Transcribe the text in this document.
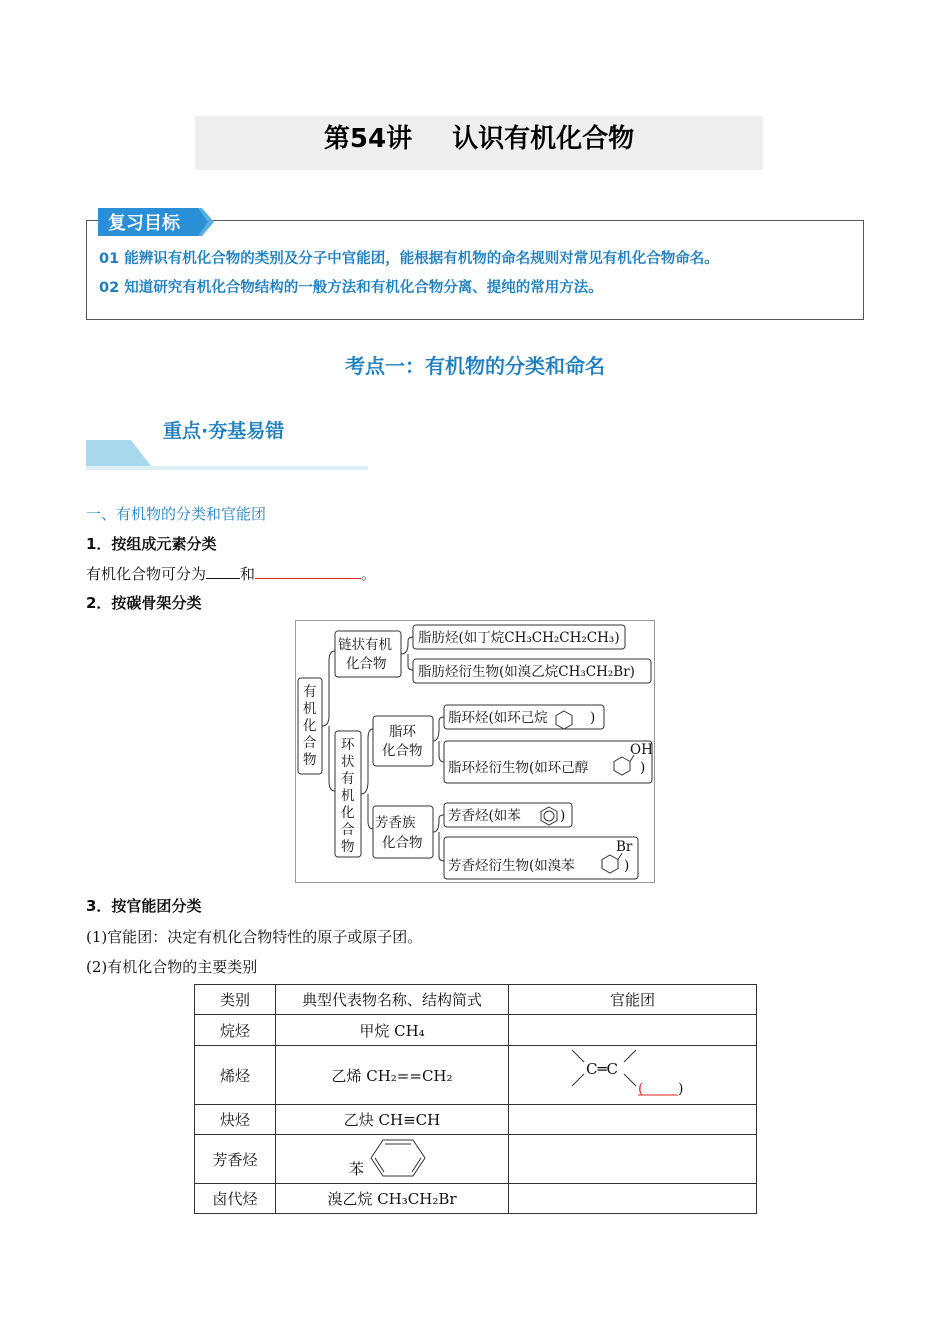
第54讲 认识有机化合物
复习目标
01 能辨识有机化合物的类别及分子中官能团，能根据有机物的命名规则对常见有机化合物命名。
02 知道研究有机化合物结构的一般方法和有机化合物分离、提纯的常用方法。
考点一：有机物的分类和命名
重点·夯基易错
一、有机物的分类和官能团
1．按组成元素分类
有机化合物可分为 和	。
2．按碳骨架分类
有机化合物
链状有机
化合物
脂肪烃(如丁烷CH₃CH₂CH₂CH₃)
脂肪烃衍生物(如溴乙烷CH₃CH₂Br)
环状有机化合物
脂环
化合物
脂环烃(如环己烷	)
脂环烃衍生物(如环己醇	)
OH
芳香族
化合物
芳香烃(如苯	)
芳香烃衍生物(如溴苯	)
Br
3．按官能团分类
(1)官能团：决定有机化合物特性的原子或原子团。
(2)有机化合物的主要类别
类别	典型代表物名称、结构简式	官能团
烷烃	甲烷 CH₄	
烯烃	乙烯 CH₂==CH₂	C═C
( )

炔烃	乙炔 CH≡CH	
芳香烃	苯	

卤代烃	溴乙烷 CH₃CH₂Br	
